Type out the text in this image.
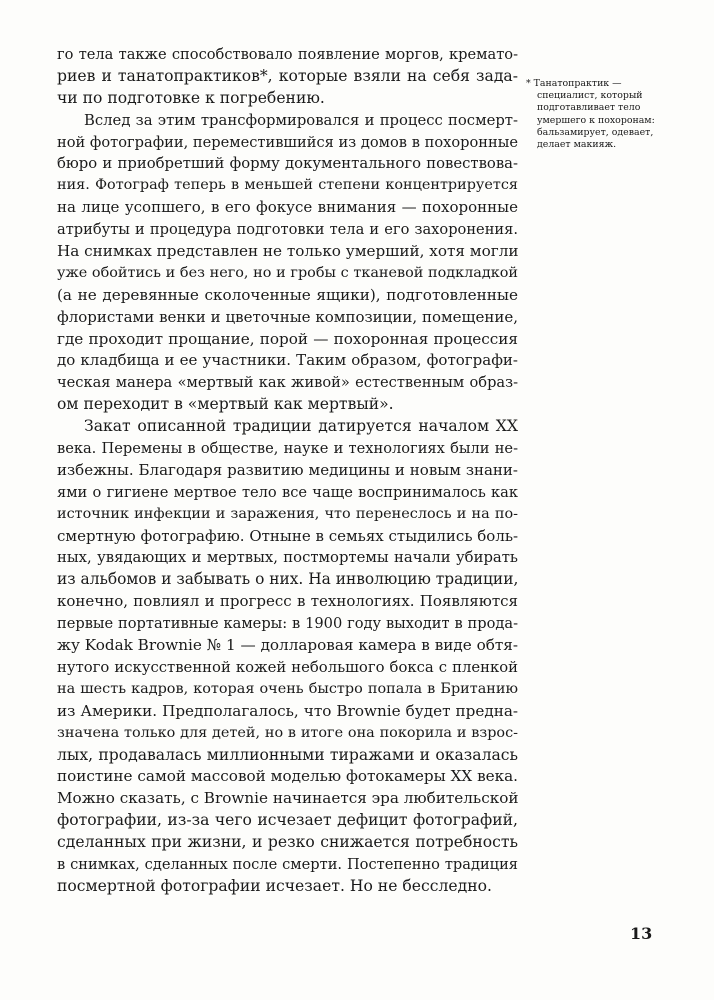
го тела также способствовало появление моргов, кремато-
риев и танатопрактиков*, которые взяли на себя зада-
чи по подготовке к погребению.
Вслед за этим трансформировался и процесс посмерт-
ной фотографии, переместившийся из домов в похоронные
бюро и приобретший форму документального повествова-
ния. Фотограф теперь в меньшей степени концентрируется
на лице усопшего, в его фокусе внимания — похоронные
атрибуты и процедура подготовки тела и его захоронения.
На снимках представлен не только умерший, хотя могли
уже обойтись и без него, но и гробы с тканевой подкладкой
(а не деревянные сколоченные ящики), подготовленные
флористами венки и цветочные композиции, помещение,
где проходит прощание, порой — похоронная процессия
до кладбища и ее участники. Таким образом, фотографи-
ческая манера «мертвый как живой» естественным образ-
ом переходит в «мертвый как мертвый».
Закат описанной традиции датируется началом XX
века. Перемены в обществе, науке и технологиях были не-
избежны. Благодаря развитию медицины и новым знани-
ями о гигиене мертвое тело все чаще воспринималось как
источник инфекции и заражения, что перенеслось и на по-
смертную фотографию. Отныне в семьях стыдились боль-
ных, увядающих и мертвых, постмортемы начали убирать
из альбомов и забывать о них. На инволюцию традиции,
конечно, повлиял и прогресс в технологиях. Появляются
первые портативные камеры: в 1900 году выходит в прода-
жу Kodak Brownie № 1 — долларовая камера в виде обтя-
нутого искусственной кожей небольшого бокса с пленкой
на шесть кадров, которая очень быстро попала в Британию
из Америки. Предполагалось, что Brownie будет предна-
значена только для детей, но в итоге она покорила и взрос-
лых, продавалась миллионными тиражами и оказалась
поистине самой массовой моделью фотокамеры XX века.
Можно сказать, с Brownie начинается эра любительской
фотографии, из-за чего исчезает дефицит фотографий,
сделанных при жизни, и резко снижается потребность
в снимках, сделанных после смерти. Постепенно традиция
посмертной фотографии исчезает. Но не бесследно.
* Танатопрактик —
специалист, который
подготавливает тело
умершего к похоронам:
бальзамирует, одевает,
делает макияж.
13
